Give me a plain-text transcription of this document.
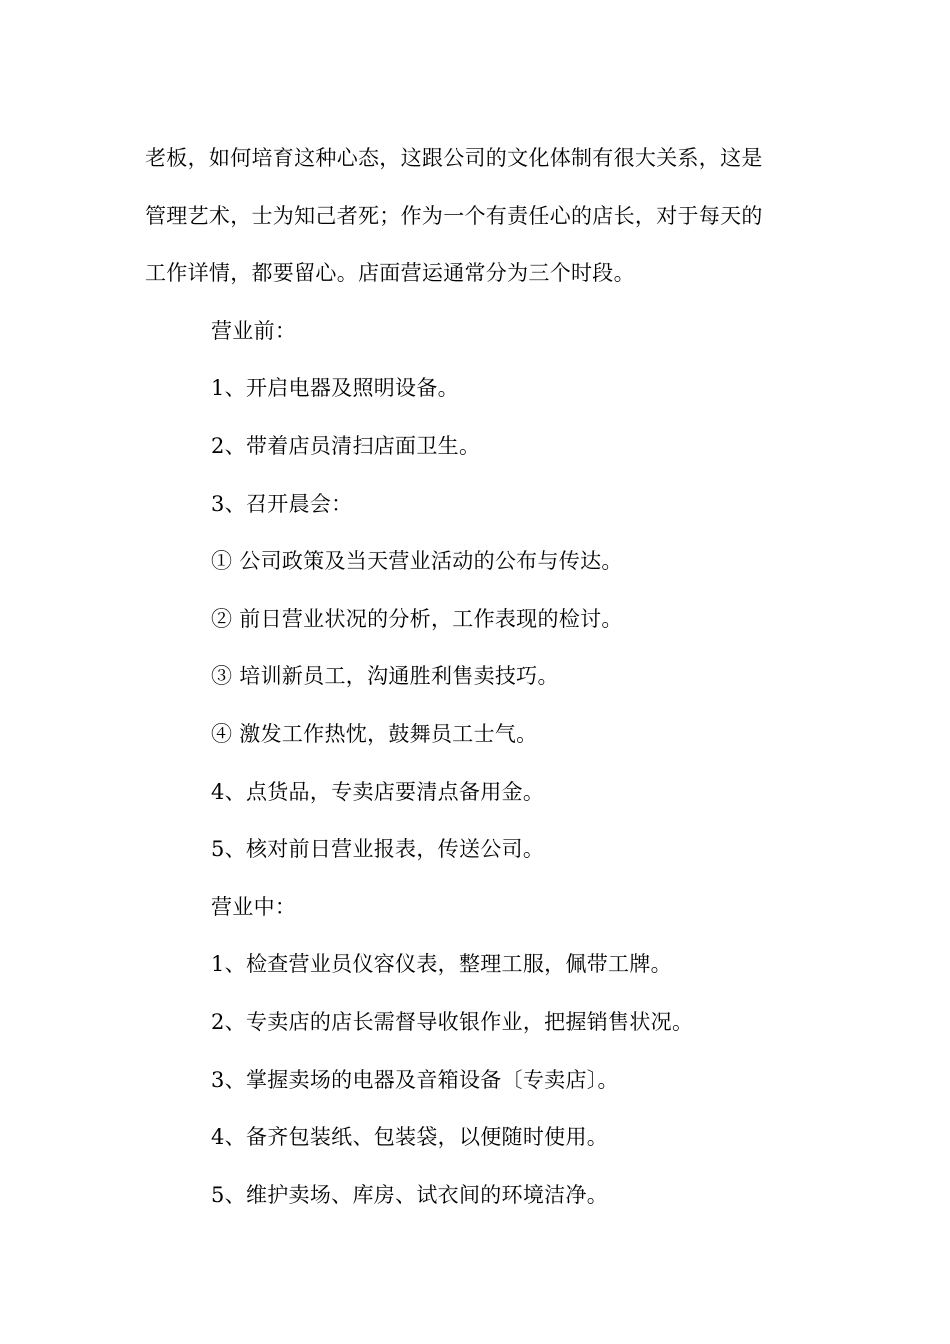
老板，如何培育这种心态，这跟公司的文化体制有很大关系，这是
管理艺术，士为知己者死；作为一个有责任心的店长，对于每天的
工作详情，都要留心。店面营运通常分为三个时段。
营业前：
1、开启电器及照明设备。
2、带着店员清扫店面卫生。
3、召开晨会：
① 公司政策及当天营业活动的公布与传达。
② 前日营业状况的分析，工作表现的检讨。
③ 培训新员工，沟通胜利售卖技巧。
④ 激发工作热忱，鼓舞员工士气。
4、点货品，专卖店要清点备用金。
5、核对前日营业报表，传送公司。
营业中：
1、检查营业员仪容仪表，整理工服，佩带工牌。
2、专卖店的店长需督导收银作业，把握销售状况。
3、掌握卖场的电器及音箱设备〔专卖店〕。
4、备齐包装纸、包装袋，以便随时使用。
5、维护卖场、库房、试衣间的环境洁净。
